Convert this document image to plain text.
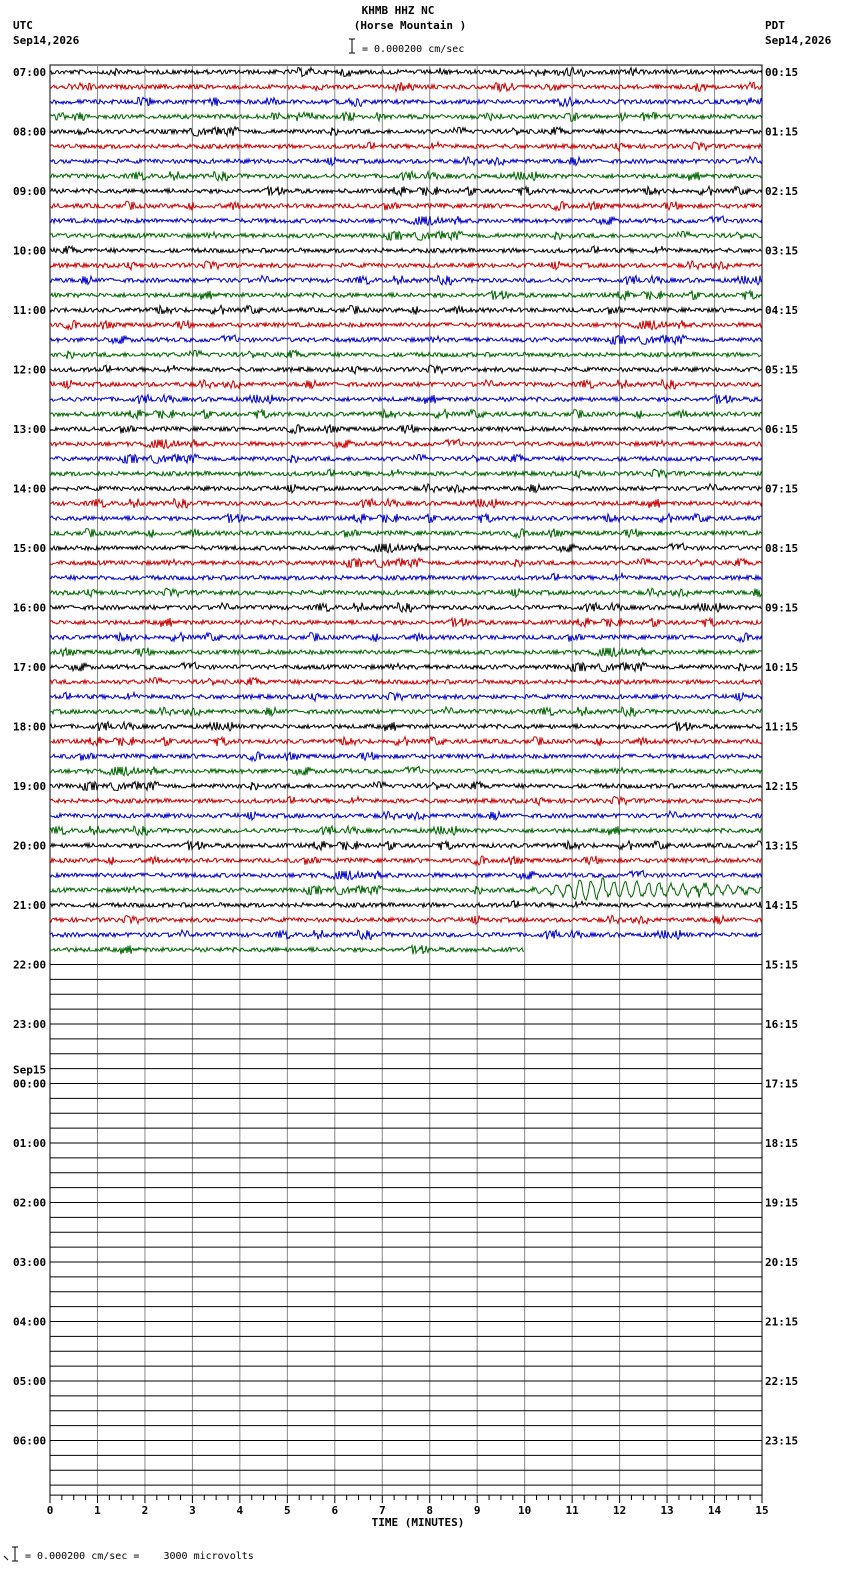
KHMB HHZ NC
(Horse Mountain )
UTC
Sep14,2026
PDT
Sep14,2026
= 0.000200 cm/sec
07:00
08:00
09:00
10:00
11:00
12:00
13:00
14:00
15:00
16:00
17:00
18:00
19:00
20:00
21:00
22:00
23:00
00:00
Sep15
01:00
02:00
03:00
04:00
05:00
06:00
00:15
01:15
02:15
03:15
04:15
05:15
06:15
07:15
08:15
09:15
10:15
11:15
12:15
13:15
14:15
15:15
16:15
17:15
18:15
19:15
20:15
21:15
22:15
23:15
0	1	2	3	4	5	6	7	8	9	10	11	12	13	14	15
TIME (MINUTES)
= 0.000200 cm/sec =    3000 microvolts
